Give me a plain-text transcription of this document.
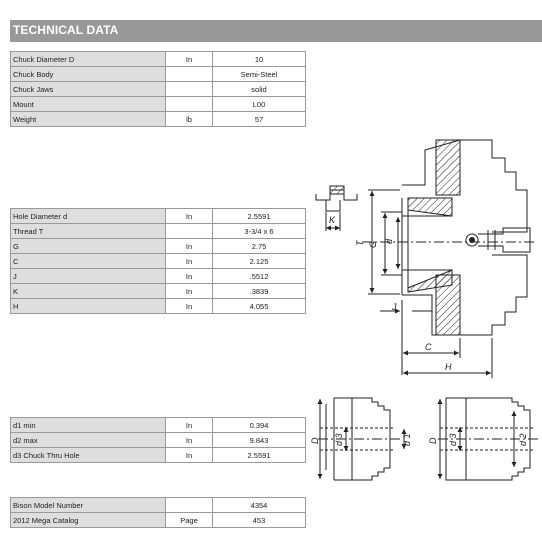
TECHNICAL DATA
Chuck Diameter D	In	10
Chuck Body		Semi-Steel
Chuck Jaws		solid
Mount		L00
Weight	lb	57
Hole Diameter d	In	2.5591
Thread T		3-3/4 x 6
G	In	2.75
C	In	2.125
J	In	.5512
K	In	.3839
H	In	4.055
d1 min	In	0.394
d2 max	In	9.843
d3 Chuck Thru Hole	In	2.5591
Bison Model Number		4354
2012 Mega Catalog	Page	453
K
T G d
J
C
H
D d 3	d 1 D d 3	d 2
